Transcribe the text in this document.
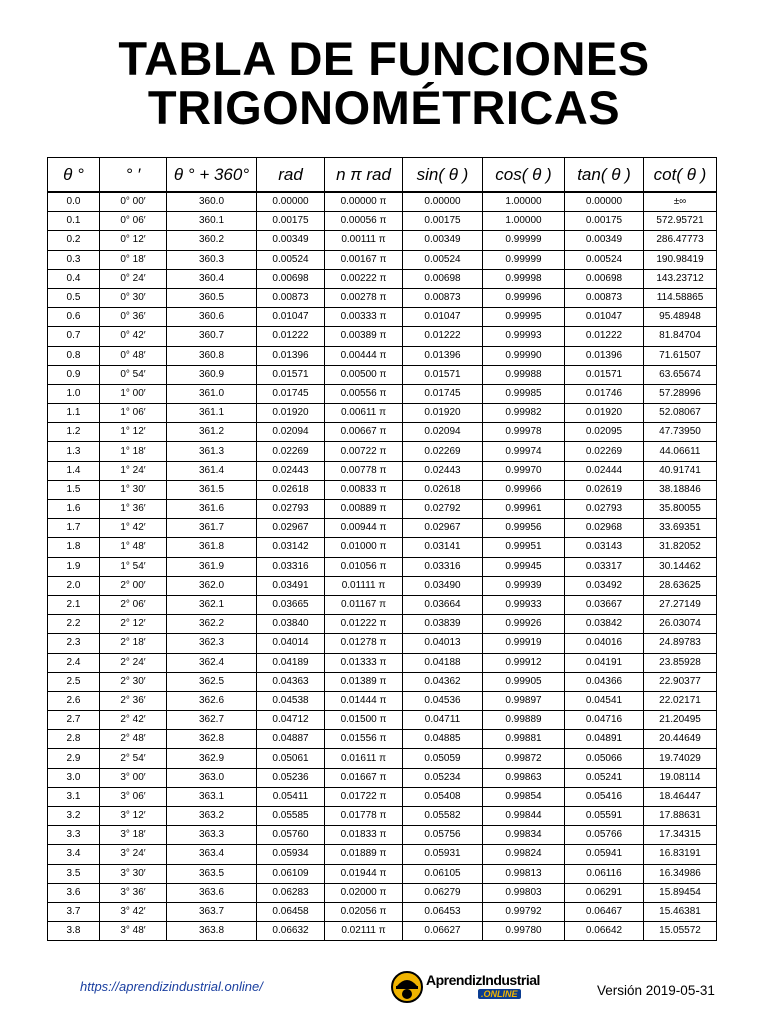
TABLA DE FUNCIONES
TRIGONOMÉTRICAS
θ °	° ′	θ ° + 360°	rad	n π rad	sin( θ )	cos( θ )	tan( θ )	cot( θ )
0.0	0° 00′	360.0	0.00000	0.00000 π	0.00000	1.00000	0.00000	±∞
0.1	0° 06′	360.1	0.00175	0.00056 π	0.00175	1.00000	0.00175	572.95721
0.2	0° 12′	360.2	0.00349	0.00111 π	0.00349	0.99999	0.00349	286.47773
0.3	0° 18′	360.3	0.00524	0.00167 π	0.00524	0.99999	0.00524	190.98419
0.4	0° 24′	360.4	0.00698	0.00222 π	0.00698	0.99998	0.00698	143.23712
0.5	0° 30′	360.5	0.00873	0.00278 π	0.00873	0.99996	0.00873	114.58865
0.6	0° 36′	360.6	0.01047	0.00333 π	0.01047	0.99995	0.01047	95.48948
0.7	0° 42′	360.7	0.01222	0.00389 π	0.01222	0.99993	0.01222	81.84704
0.8	0° 48′	360.8	0.01396	0.00444 π	0.01396	0.99990	0.01396	71.61507
0.9	0° 54′	360.9	0.01571	0.00500 π	0.01571	0.99988	0.01571	63.65674
1.0	1° 00′	361.0	0.01745	0.00556 π	0.01745	0.99985	0.01746	57.28996
1.1	1° 06′	361.1	0.01920	0.00611 π	0.01920	0.99982	0.01920	52.08067
1.2	1° 12′	361.2	0.02094	0.00667 π	0.02094	0.99978	0.02095	47.73950
1.3	1° 18′	361.3	0.02269	0.00722 π	0.02269	0.99974	0.02269	44.06611
1.4	1° 24′	361.4	0.02443	0.00778 π	0.02443	0.99970	0.02444	40.91741
1.5	1° 30′	361.5	0.02618	0.00833 π	0.02618	0.99966	0.02619	38.18846
1.6	1° 36′	361.6	0.02793	0.00889 π	0.02792	0.99961	0.02793	35.80055
1.7	1° 42′	361.7	0.02967	0.00944 π	0.02967	0.99956	0.02968	33.69351
1.8	1° 48′	361.8	0.03142	0.01000 π	0.03141	0.99951	0.03143	31.82052
1.9	1° 54′	361.9	0.03316	0.01056 π	0.03316	0.99945	0.03317	30.14462
2.0	2° 00′	362.0	0.03491	0.01111 π	0.03490	0.99939	0.03492	28.63625
2.1	2° 06′	362.1	0.03665	0.01167 π	0.03664	0.99933	0.03667	27.27149
2.2	2° 12′	362.2	0.03840	0.01222 π	0.03839	0.99926	0.03842	26.03074
2.3	2° 18′	362.3	0.04014	0.01278 π	0.04013	0.99919	0.04016	24.89783
2.4	2° 24′	362.4	0.04189	0.01333 π	0.04188	0.99912	0.04191	23.85928
2.5	2° 30′	362.5	0.04363	0.01389 π	0.04362	0.99905	0.04366	22.90377
2.6	2° 36′	362.6	0.04538	0.01444 π	0.04536	0.99897	0.04541	22.02171
2.7	2° 42′	362.7	0.04712	0.01500 π	0.04711	0.99889	0.04716	21.20495
2.8	2° 48′	362.8	0.04887	0.01556 π	0.04885	0.99881	0.04891	20.44649
2.9	2° 54′	362.9	0.05061	0.01611 π	0.05059	0.99872	0.05066	19.74029
3.0	3° 00′	363.0	0.05236	0.01667 π	0.05234	0.99863	0.05241	19.08114
3.1	3° 06′	363.1	0.05411	0.01722 π	0.05408	0.99854	0.05416	18.46447
3.2	3° 12′	363.2	0.05585	0.01778 π	0.05582	0.99844	0.05591	17.88631
3.3	3° 18′	363.3	0.05760	0.01833 π	0.05756	0.99834	0.05766	17.34315
3.4	3° 24′	363.4	0.05934	0.01889 π	0.05931	0.99824	0.05941	16.83191
3.5	3° 30′	363.5	0.06109	0.01944 π	0.06105	0.99813	0.06116	16.34986
3.6	3° 36′	363.6	0.06283	0.02000 π	0.06279	0.99803	0.06291	15.89454
3.7	3° 42′	363.7	0.06458	0.02056 π	0.06453	0.99792	0.06467	15.46381
3.8	3° 48′	363.8	0.06632	0.02111 π	0.06627	0.99780	0.06642	15.05572
https://aprendizindustrial.online/	AprendizIndustrial
.ONLINE	Versión 2019-05-31
